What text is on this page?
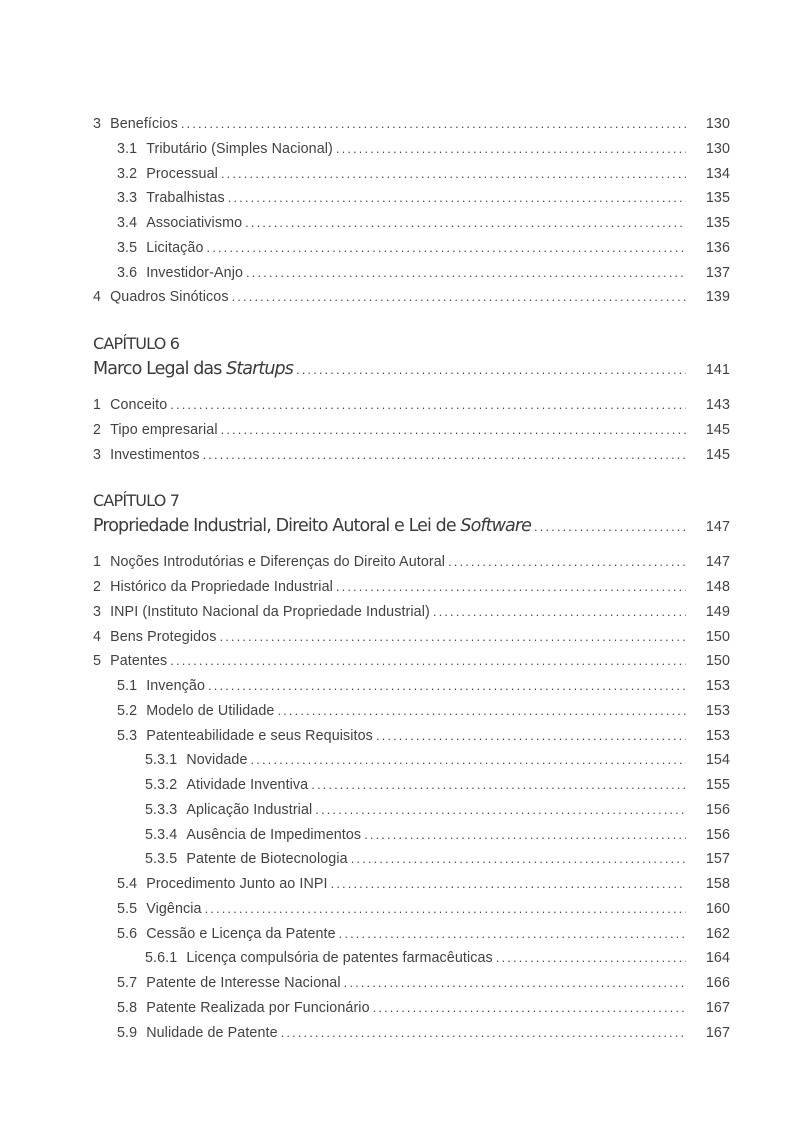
3 Benefícios .....	130
3.1 Tributário (Simples Nacional) .....	130
3.2 Processual .....	134
3.3 Trabalhistas .....	135
3.4 Associativismo .....	135
3.5 Licitação .....	136
3.6 Investidor-Anjo .....	137
4 Quadros Sinóticos .....	139
CAPÍTULO 6
Marco Legal das Startups .....	141
1 Conceito .....	143
2 Tipo empresarial .....	145
3 Investimentos .....	145
CAPÍTULO 7
Propriedade Industrial, Direito Autoral e Lei de Software .....	147
1 Noções Introdutórias e Diferenças do Direito Autoral .....	147
2 Histórico da Propriedade Industrial .....	148
3 INPI (Instituto Nacional da Propriedade Industrial) .....	149
4 Bens Protegidos .....	150
5 Patentes .....	150
5.1 Invenção .....	153
5.2 Modelo de Utilidade .....	153
5.3 Patenteabilidade e seus Requisitos .....	153
5.3.1 Novidade .....	154
5.3.2 Atividade Inventiva .....	155
5.3.3 Aplicação Industrial .....	156
5.3.4 Ausência de Impedimentos .....	156
5.3.5 Patente de Biotecnologia .....	157
5.4 Procedimento Junto ao INPI .....	158
5.5 Vigência .....	160
5.6 Cessão e Licença da Patente .....	162
5.6.1 Licença compulsória de patentes farmacêuticas .....	164
5.7 Patente de Interesse Nacional .....	166
5.8 Patente Realizada por Funcionário .....	167
5.9 Nulidade de Patente .....	167
